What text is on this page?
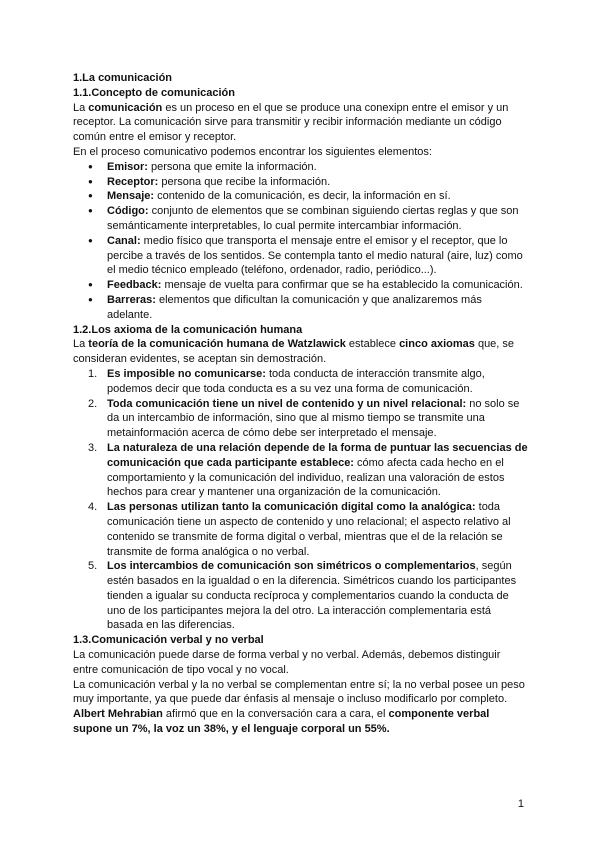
1.La comunicación

1.1.Concepto de comunicación

La comunicación es un proceso en el que se produce una conexipn entre el emisor y un receptor. La comunicación sirve para transmitir y recibir información mediante un código común entre el emisor y receptor.

En el proceso comunicativo podemos encontrar los siguientes elementos:

● Emisor: persona que emite la información.
● Receptor: persona que recibe la información.
● Mensaje: contenido de la comunicación, es decir, la información en sí.
● Código: conjunto de elementos que se combinan siguiendo ciertas reglas y que son semánticamente interpretables, lo cual permite intercambiar información.
● Canal: medio físico que transporta el mensaje entre el emisor y el receptor, que lo percibe a través de los sentidos. Se contempla tanto el medio natural (aire, luz) como el medio técnico empleado (teléfono, ordenador, radio, periódico...).
● Feedback: mensaje de vuelta para confirmar que se ha establecido la comunicación.
● Barreras: elementos que dificultan la comunicación y que analizaremos más adelante.

1.2.Los axioma de la comunicación humana

La teoría de la comunicación humana de Watzlawick establece cinco axiomas que, se consideran evidentes, se aceptan sin demostración.

1. Es imposible no comunicarse: toda conducta de interacción transmite algo, podemos decir que toda conducta es a su vez una forma de comunicación.
2. Toda comunicación tiene un nivel de contenido y un nivel relacional: no solo se da un intercambio de información, sino que al mismo tiempo se transmite una metainformación acerca de cómo debe ser interpretado el mensaje.
3. La naturaleza de una relación depende de la forma de puntuar las secuencias de comunicación que cada participante establece: cómo afecta cada hecho en el comportamiento y la comunicación del individuo, realizan una valoración de estos hechos para crear y mantener una organización de la comunicación.
4. Las personas utilizan tanto la comunicación digital como la analógica: toda comunicación tiene un aspecto de contenido y uno relacional; el aspecto relativo al contenido se transmite de forma digital o verbal, mientras que el de la relación se transmite de forma analógica o no verbal.
5. Los intercambios de comunicación son simétricos o complementarios, según estén basados en la igualdad o en la diferencia. Simétricos cuando los participantes tienden a igualar su conducta recíproca y complementarios cuando la conducta de uno de los participantes mejora la del otro. La interacción complementaria está basada en las diferencias.

1.3.Comunicación verbal y no verbal

La comunicación puede darse de forma verbal y no verbal. Además, debemos distinguir entre comunicación de tipo vocal y no vocal.

La comunicación verbal y la no verbal se complementan entre sí; la no verbal posee un peso muy importante, ya que puede dar énfasis al mensaje o incluso modificarlo por completo.

Albert Mehrabian afirmó que en la conversación cara a cara, el componente verbal supone un 7%, la voz un 38%, y el lenguaje corporal un 55%.

1
